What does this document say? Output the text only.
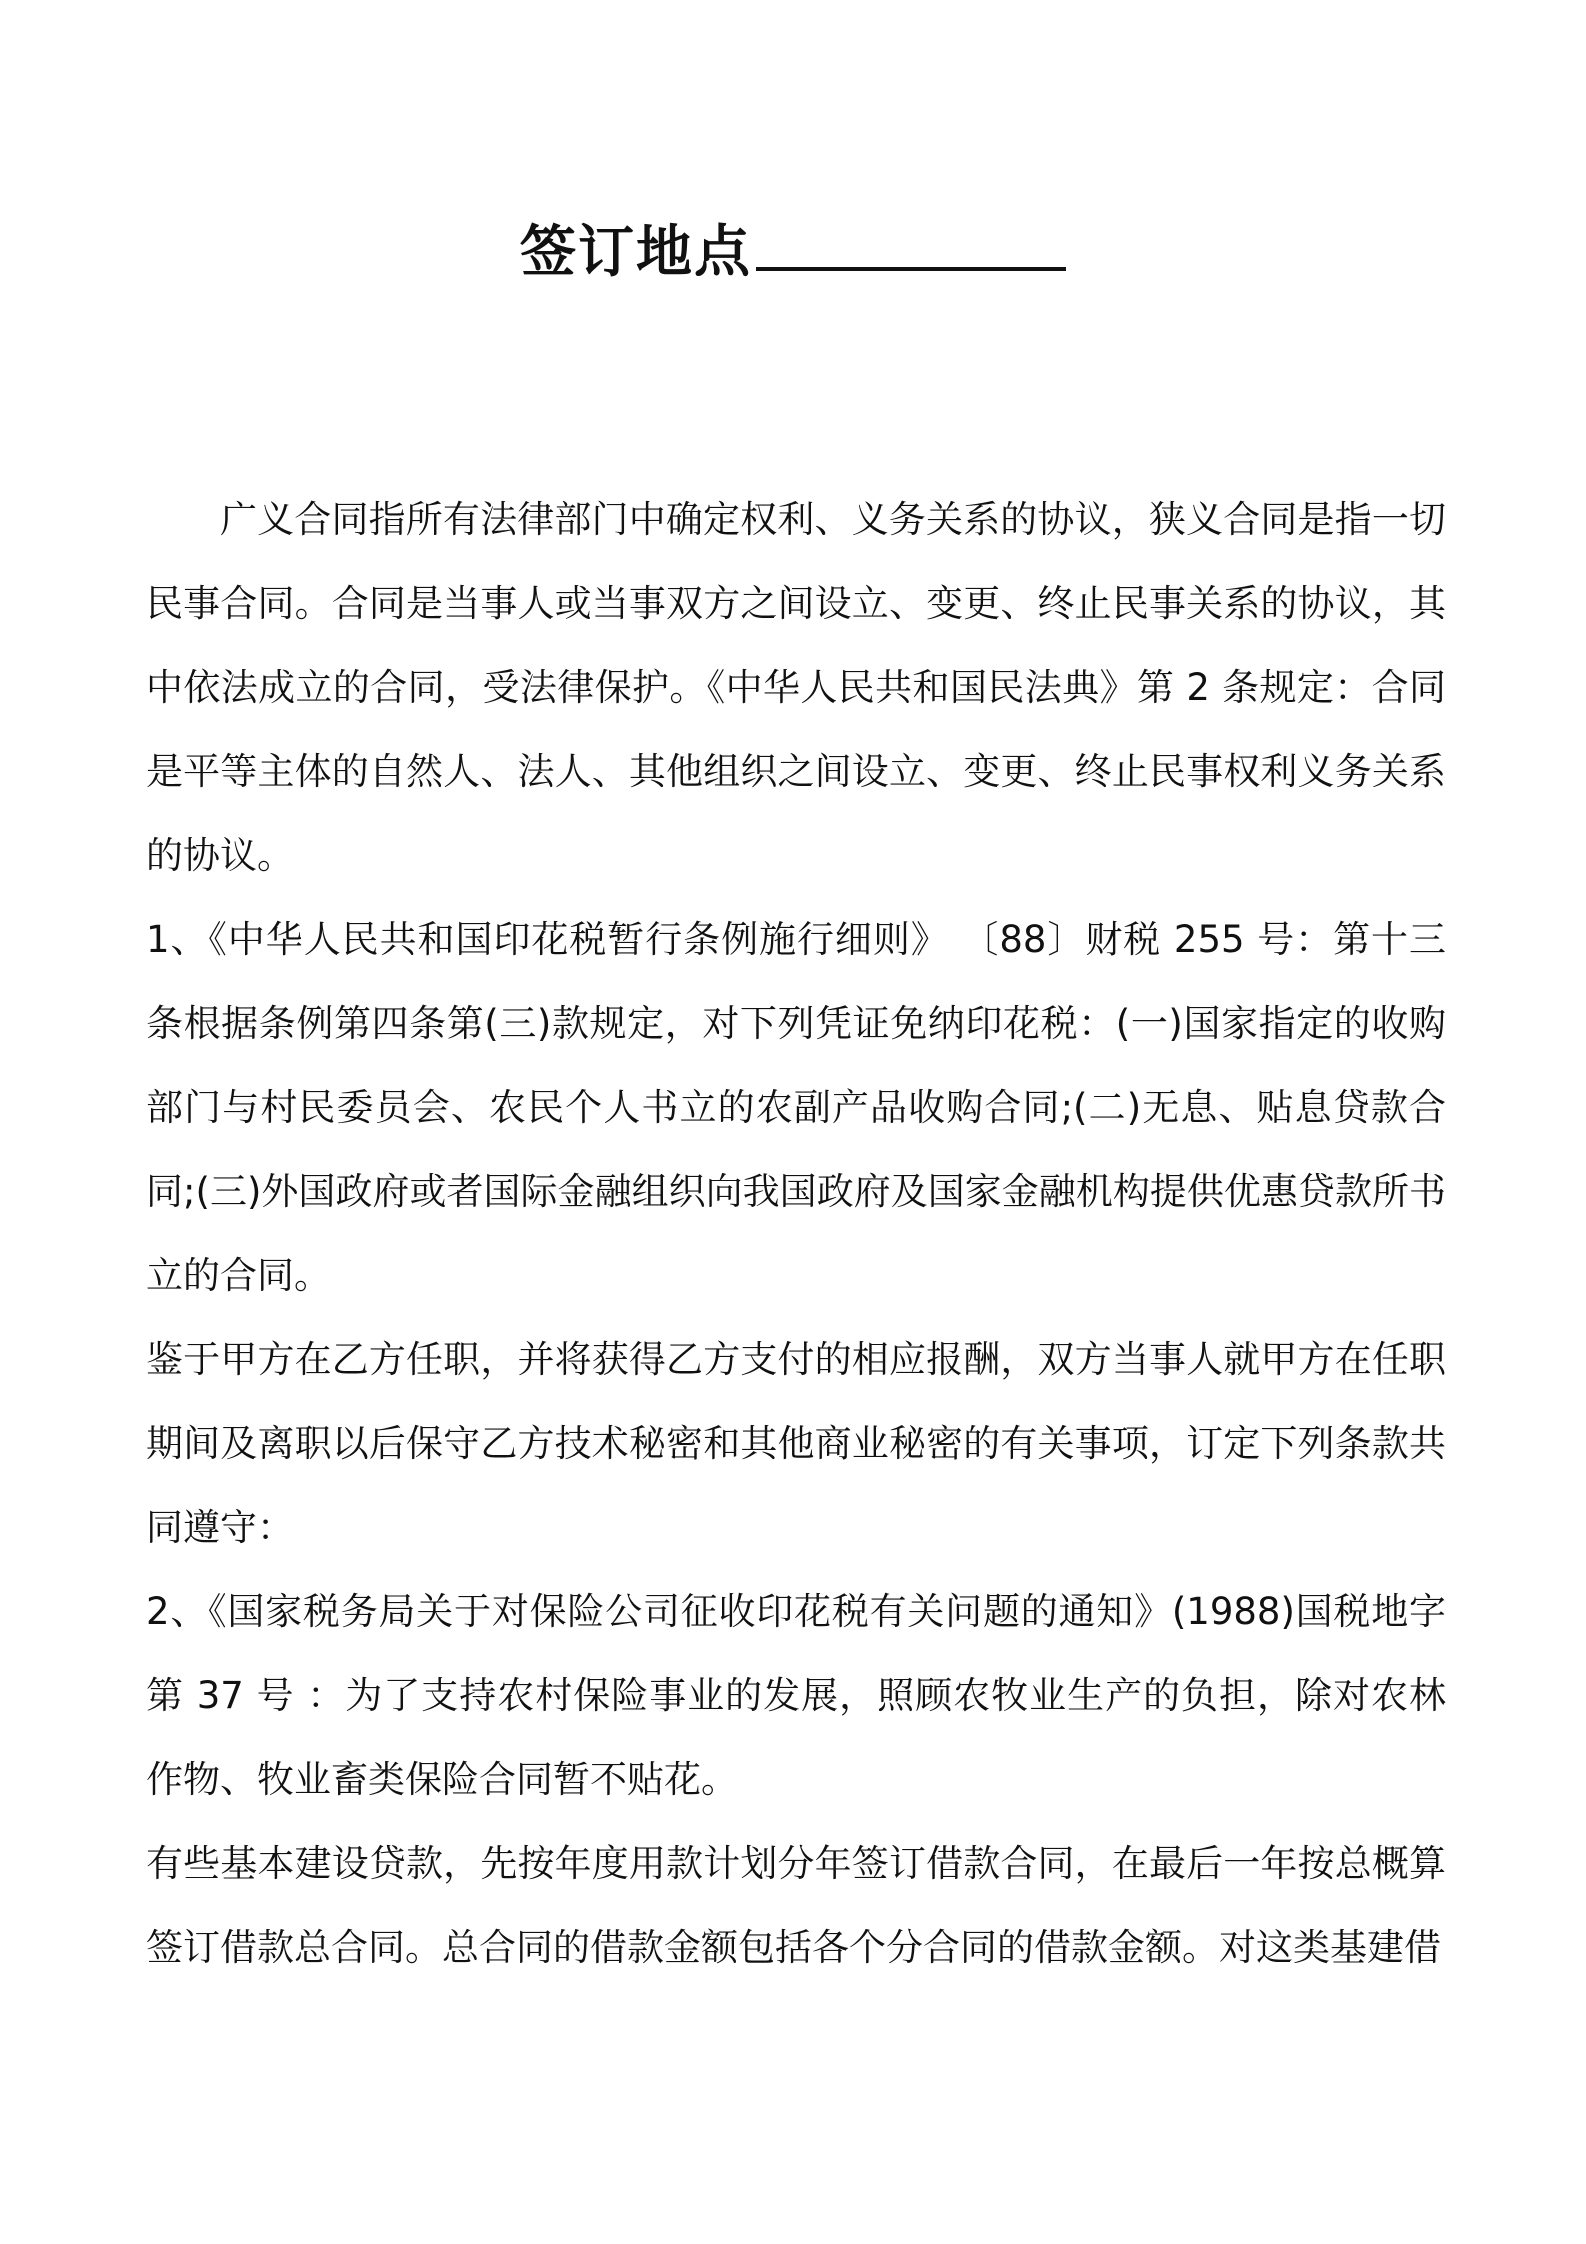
签订地点

广义合同指所有法律部门中确定权利、义务关系的协议，狭义合同是指一切民事合同。合同是当事人或当事双方之间设立、变更、终止民事关系的协议，其中依法成立的合同，受法律保护。《中华人民共和国民法典》第 2 条规定：合同是平等主体的自然人、法人、其他组织之间设立、变更、终止民事权利义务关系的协议。

1、《中华人民共和国印花税暂行条例施行细则》 〔88〕财税 255 号：第十三条根据条例第四条第(三)款规定，对下列凭证免纳印花税：(一)国家指定的收购部门与村民委员会、农民个人书立的农副产品收购合同;(二)无息、贴息贷款合同;(三)外国政府或者国际金融组织向我国政府及国家金融机构提供优惠贷款所书立的合同。

鉴于甲方在乙方任职，并将获得乙方支付的相应报酬，双方当事人就甲方在任职期间及离职以后保守乙方技术秘密和其他商业秘密的有关事项，订定下列条款共同遵守：

2、《国家税务局关于对保险公司征收印花税有关问题的通知》(1988)国税地字第 37 号 ：为了支持农村保险事业的发展，照顾农牧业生产的负担，除对农林作物、牧业畜类保险合同暂不贴花。

有些基本建设贷款，先按年度用款计划分年签订借款合同，在最后一年按总概算签订借款总合同。总合同的借款金额包括各个分合同的借款金额。对这类基建借
